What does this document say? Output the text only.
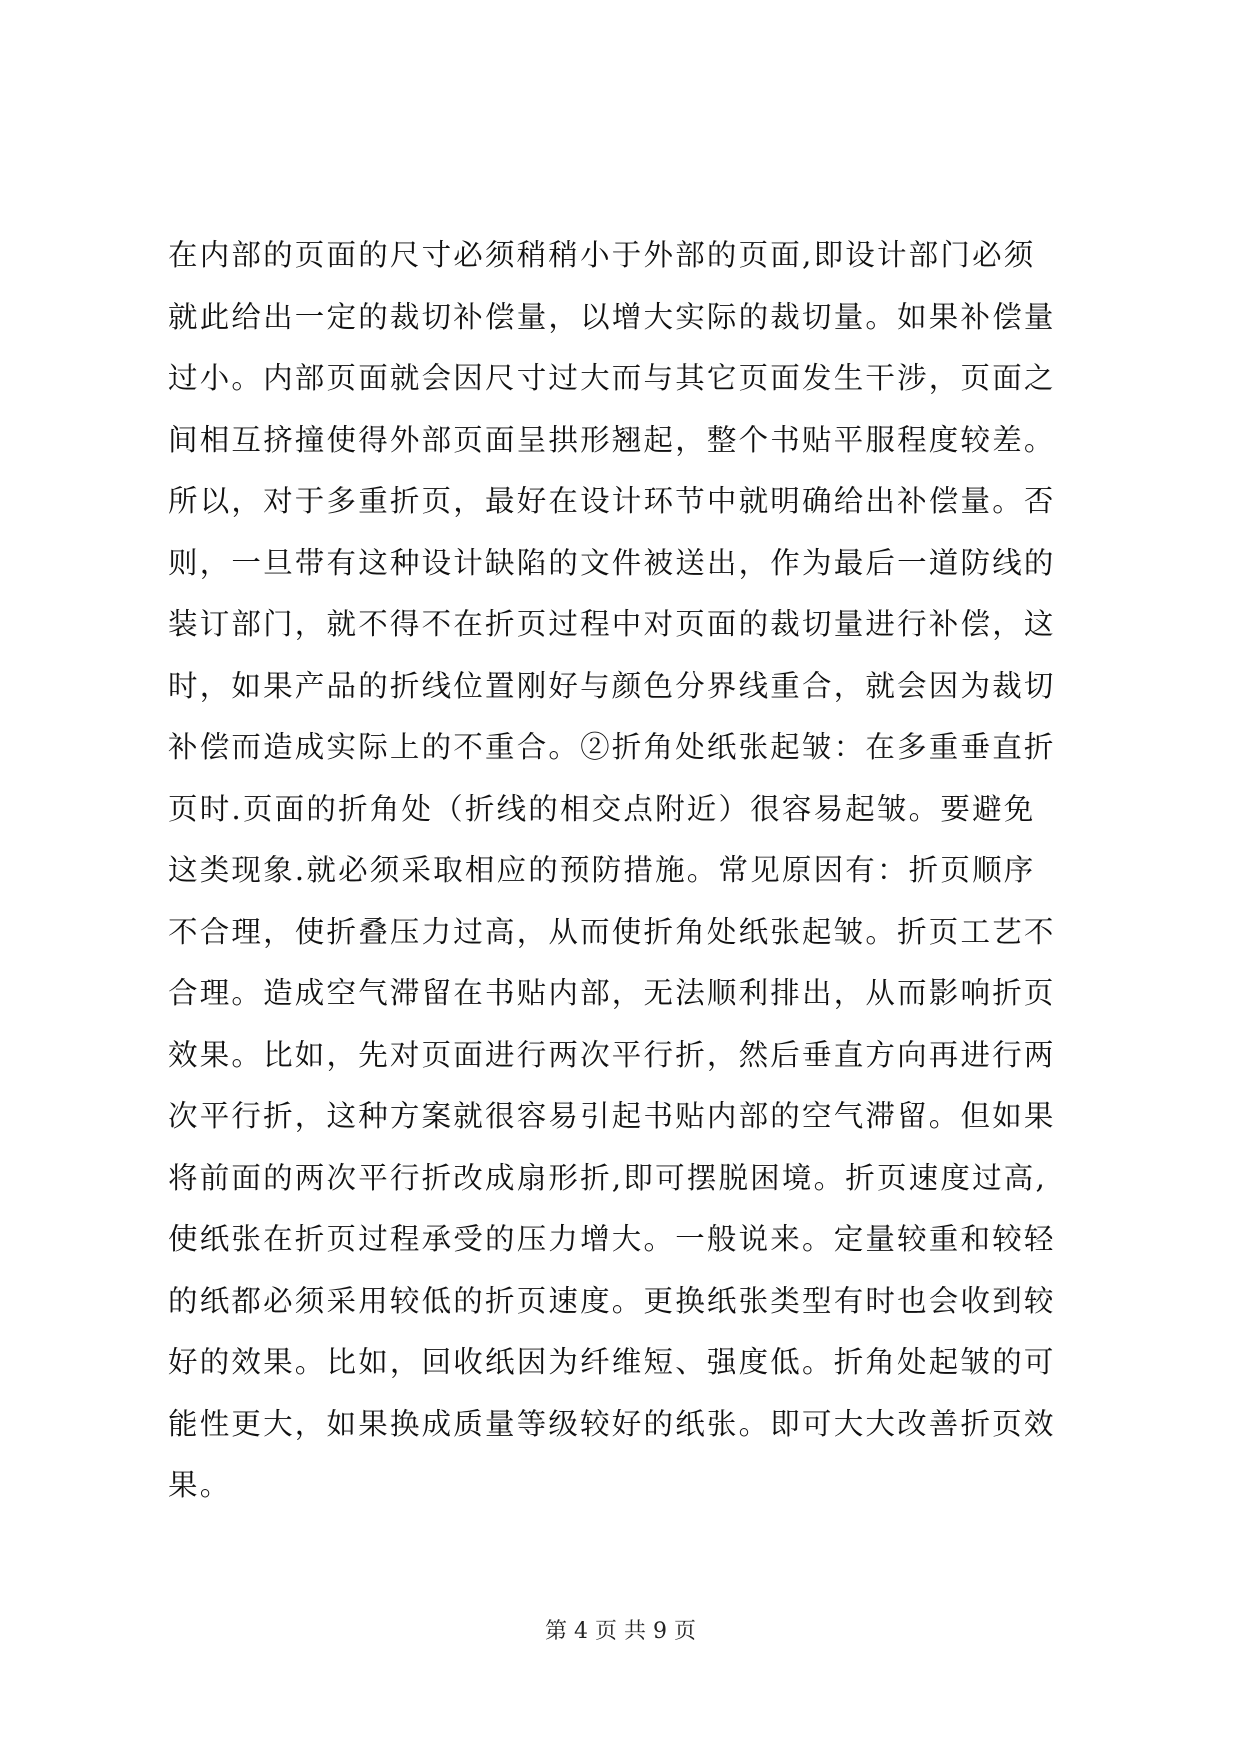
在内部的页面的尺寸必须稍稍小于外部的页面,即设计部门必须
就此给出一定的裁切补偿量，以增大实际的裁切量。如果补偿量
过小。内部页面就会因尺寸过大而与其它页面发生干涉，页面之
间相互挤撞使得外部页面呈拱形翘起，整个书贴平服程度较差。
所以，对于多重折页，最好在设计环节中就明确给出补偿量。否
则，一旦带有这种设计缺陷的文件被送出，作为最后一道防线的
装订部门，就不得不在折页过程中对页面的裁切量进行补偿，这
时，如果产品的折线位置刚好与颜色分界线重合，就会因为裁切
补偿而造成实际上的不重合。②折角处纸张起皱：在多重垂直折
页时.页面的折角处（折线的相交点附近）很容易起皱。要避免
这类现象.就必须采取相应的预防措施。常见原因有：折页顺序
不合理，使折叠压力过高，从而使折角处纸张起皱。折页工艺不
合理。造成空气滞留在书贴内部，无法顺利排出，从而影响折页
效果。比如，先对页面进行两次平行折，然后垂直方向再进行两
次平行折，这种方案就很容易引起书贴内部的空气滞留。但如果
将前面的两次平行折改成扇形折,即可摆脱困境。折页速度过高,
使纸张在折页过程承受的压力增大。一般说来。定量较重和较轻
的纸都必须采用较低的折页速度。更换纸张类型有时也会收到较
好的效果。比如，回收纸因为纤维短、强度低。折角处起皱的可
能性更大，如果换成质量等级较好的纸张。即可大大改善折页效
果。
第 4 页 共 9 页
